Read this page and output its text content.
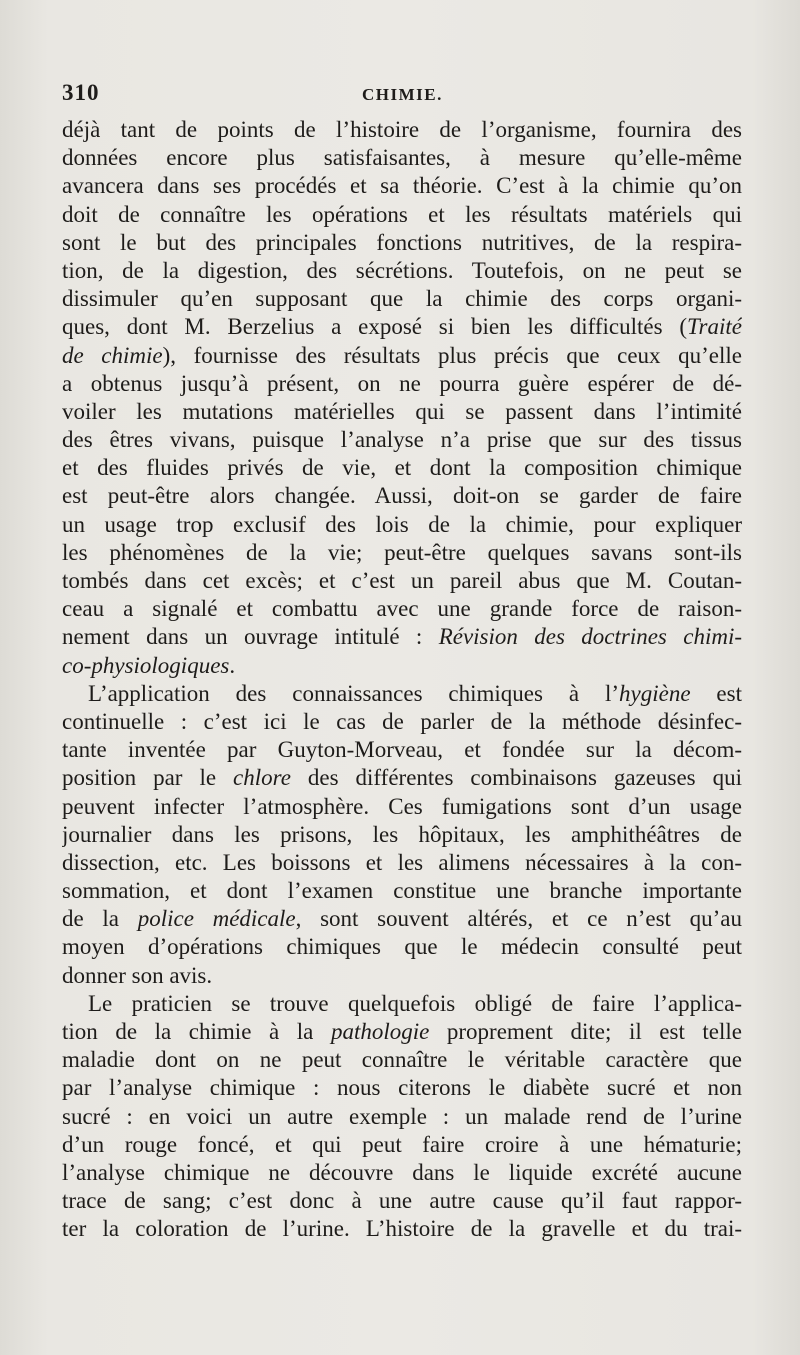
310	CHIMIE.
déjà tant de points de l’histoire de l’organisme, fournira des
données encore plus satisfaisantes, à mesure qu’elle-même
avancera dans ses procédés et sa théorie. C’est à la chimie qu’on
doit de connaître les opérations et les résultats matériels qui
sont le but des principales fonctions nutritives, de la respira-
tion, de la digestion, des sécrétions. Toutefois, on ne peut se
dissimuler qu’en supposant que la chimie des corps organi-
ques, dont M. Berzelius a exposé si bien les difficultés (Traité
de chimie), fournisse des résultats plus précis que ceux qu’elle
a obtenus jusqu’à présent, on ne pourra guère espérer de dé-
voiler les mutations matérielles qui se passent dans l’intimité
des êtres vivans, puisque l’analyse n’a prise que sur des tissus
et des fluides privés de vie, et dont la composition chimique
est peut-être alors changée. Aussi, doit-on se garder de faire
un usage trop exclusif des lois de la chimie, pour expliquer
les phénomènes de la vie; peut-être quelques savans sont-ils
tombés dans cet excès; et c’est un pareil abus que M. Coutan-
ceau a signalé et combattu avec une grande force de raison-
nement dans un ouvrage intitulé : Révision des doctrines chimi-
co-physiologiques.
L’application des connaissances chimiques à l’hygiène est
continuelle : c’est ici le cas de parler de la méthode désinfec-
tante inventée par Guyton-Morveau, et fondée sur la décom-
position par le chlore des différentes combinaisons gazeuses qui
peuvent infecter l’atmosphère. Ces fumigations sont d’un usage
journalier dans les prisons, les hôpitaux, les amphithéâtres de
dissection, etc. Les boissons et les alimens nécessaires à la con-
sommation, et dont l’examen constitue une branche importante
de la police médicale, sont souvent altérés, et ce n’est qu’au
moyen d’opérations chimiques que le médecin consulté peut
donner son avis.
Le praticien se trouve quelquefois obligé de faire l’applica-
tion de la chimie à la pathologie proprement dite; il est telle
maladie dont on ne peut connaître le véritable caractère que
par l’analyse chimique : nous citerons le diabète sucré et non
sucré : en voici un autre exemple : un malade rend de l’urine
d’un rouge foncé, et qui peut faire croire à une hématurie;
l’analyse chimique ne découvre dans le liquide excrété aucune
trace de sang; c’est donc à une autre cause qu’il faut rappor-
ter la coloration de l’urine. L’histoire de la gravelle et du trai-
